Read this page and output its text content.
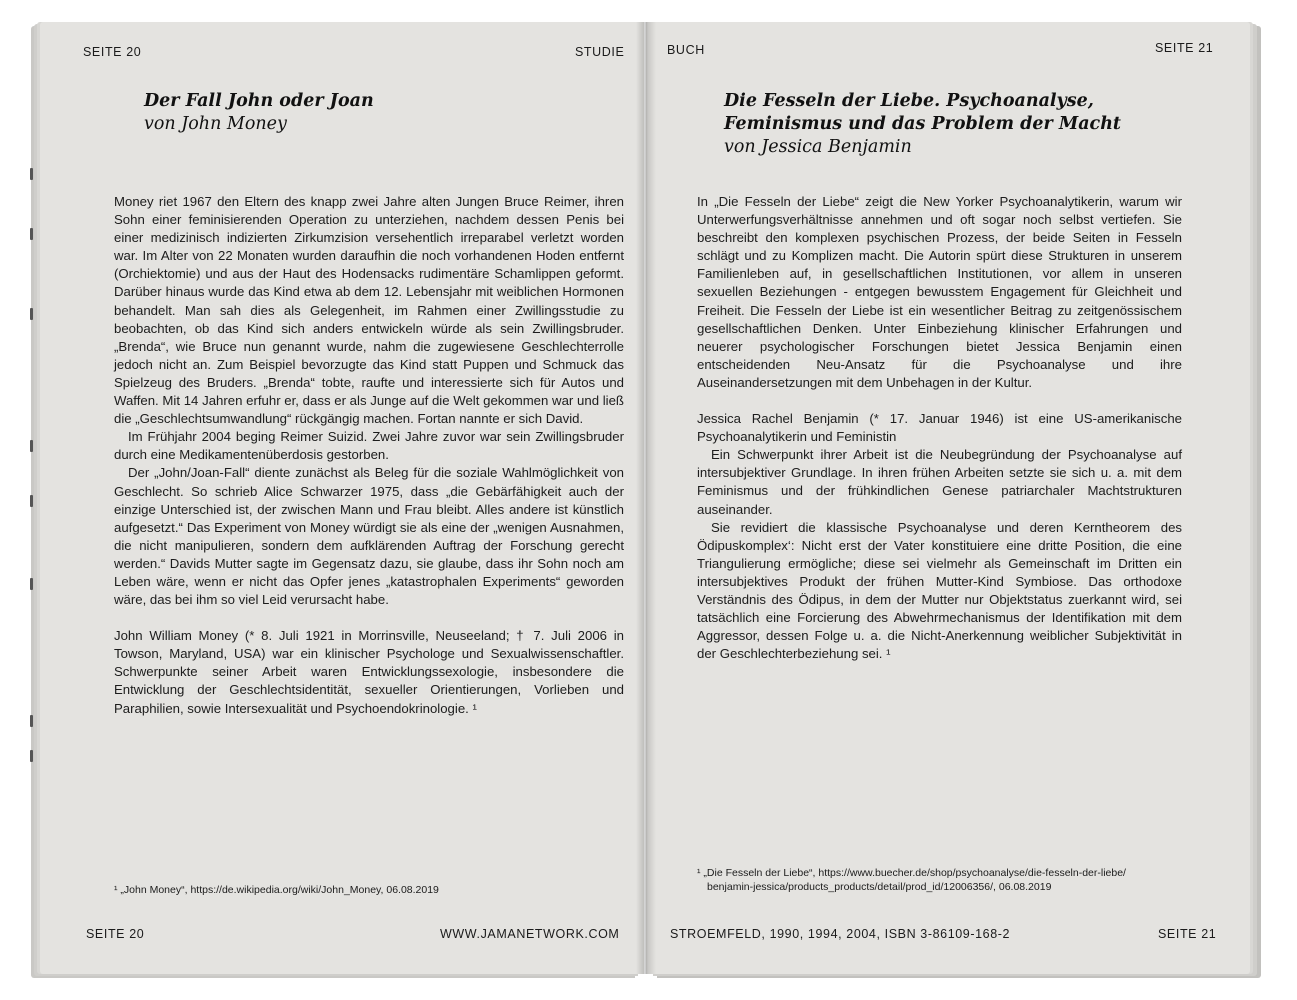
SEITE 20	STUDIE
Der Fall John oder Joan
von John Money

Money riet 1967 den Eltern des knapp zwei Jahre alten Jungen Bruce Reimer, ihren Sohn einer feminisierenden Operation zu unterziehen, nachdem dessen Penis bei einer medizinisch indizierten Zirkumzision versehentlich irreparabel verletzt worden war. Im Alter von 22 Monaten wurden daraufhin die noch vorhandenen Hoden entfernt (Orchiektomie) und aus der Haut des Hodensacks rudimentäre Schamlippen geformt. Darüber hinaus wurde das Kind etwa ab dem 12. Lebensjahr mit weiblichen Hormonen behandelt. Man sah dies als Gelegenheit, im Rahmen einer Zwillingsstudie zu beobachten, ob das Kind sich anders entwickeln würde als sein Zwillingsbruder. „Brenda“, wie Bruce nun genannt wurde, nahm die zugewiesene Geschlechterrolle jedoch nicht an. Zum Beispiel bevorzugte das Kind statt Puppen und Schmuck das Spielzeug des Bruders. „Brenda“ tobte, raufte und interessierte sich für Autos und Waffen. Mit 14 Jahren erfuhr er, dass er als Junge auf die Welt gekommen war und ließ die „Geschlechtsumwandlung“ rückgängig machen. Fortan nannte er sich David.

Im Frühjahr 2004 beging Reimer Suizid. Zwei Jahre zuvor war sein Zwillingsbruder durch eine Medikamentenüberdosis gestorben.

Der „John/Joan-Fall“ diente zunächst als Beleg für die soziale Wahlmöglichkeit von Geschlecht. So schrieb Alice Schwarzer 1975, dass „die Gebärfähigkeit auch der einzige Unterschied ist, der zwischen Mann und Frau bleibt. Alles andere ist künstlich aufgesetzt.“ Das Experiment von Money würdigt sie als eine der „wenigen Ausnahmen, die nicht manipulieren, sondern dem aufklärenden Auftrag der Forschung gerecht werden.“ Davids Mutter sagte im Gegensatz dazu, sie glaube, dass ihr Sohn noch am Leben wäre, wenn er nicht das Opfer jenes „katastrophalen Experiments“ geworden wäre, das bei ihm so viel Leid verursacht habe.

John William Money (* 8. Juli 1921 in Morrinsville, Neuseeland; † 7. Juli 2006 in Towson, Maryland, USA) war ein klinischer Psychologe und Sexualwissenschaftler. Schwerpunkte seiner Arbeit waren Entwicklungssexologie, insbesondere die Entwicklung der Geschlechtsidentität, sexueller Orientierungen, Vorlieben und Paraphilien, sowie Intersexualität und Psychoendokrinologie. ¹

¹ „John Money“, https://de.wikipedia.org/wiki/John_Money, 06.08.2019
SEITE 20	WWW.JAMANETWORK.COM
BUCH	SEITE 21
Die Fesseln der Liebe. Psychoanalyse,
Feminismus und das Problem der Macht
von Jessica Benjamin

In „Die Fesseln der Liebe“ zeigt die New Yorker Psychoanalytikerin, warum wir Unterwerfungsverhältnisse annehmen und oft sogar noch selbst vertiefen. Sie beschreibt den komplexen psychischen Prozess, der beide Seiten in Fesseln schlägt und zu Komplizen macht. Die Autorin spürt diese Strukturen in unserem Familienleben auf, in gesellschaftlichen Institutionen, vor allem in unseren sexuellen Beziehungen - entgegen bewusstem Engagement für Gleichheit und Freiheit. Die Fesseln der Liebe ist ein wesentlicher Beitrag zu zeitgenössischem gesellschaftlichen Denken. Unter Einbeziehung klinischer Erfahrungen und neuerer psychologischer Forschungen bietet Jessica Benjamin einen entscheidenden Neu-Ansatz für die Psychoanalyse und ihre Auseinandersetzungen mit dem Unbehagen in der Kultur.

Jessica Rachel Benjamin (* 17. Januar 1946) ist eine US-amerikanische Psychoanalytikerin und Feministin

Ein Schwerpunkt ihrer Arbeit ist die Neubegründung der Psychoanalyse auf intersubjektiver Grundlage. In ihren frühen Arbeiten setzte sie sich u. a. mit dem Feminismus und der frühkindlichen Genese patriarchaler Machtstrukturen auseinander.

Sie revidiert die klassische Psychoanalyse und deren Kerntheorem des Ödipuskomplex‘: Nicht erst der Vater konstituiere eine dritte Position, die eine Triangulierung ermögliche; diese sei vielmehr als Gemeinschaft im Dritten ein intersubjektives Produkt der frühen Mutter-Kind Symbiose. Das orthodoxe Verständnis des Ödipus, in dem der Mutter nur Objektstatus zuerkannt wird, sei tatsächlich eine Forcierung des Abwehrmechanismus der Identifikation mit dem Aggressor, dessen Folge u. a. die Nicht-Anerkennung weiblicher Subjektivität in der Geschlechterbeziehung sei. ¹

¹ „Die Fesseln der Liebe“, https://www.buecher.de/shop/psychoanalyse/die-fesseln-der-liebe/
benjamin-jessica/products_products/detail/prod_id/12006356/, 06.08.2019
STROEMFELD, 1990, 1994, 2004, ISBN 3-86109-168-2	SEITE 21
